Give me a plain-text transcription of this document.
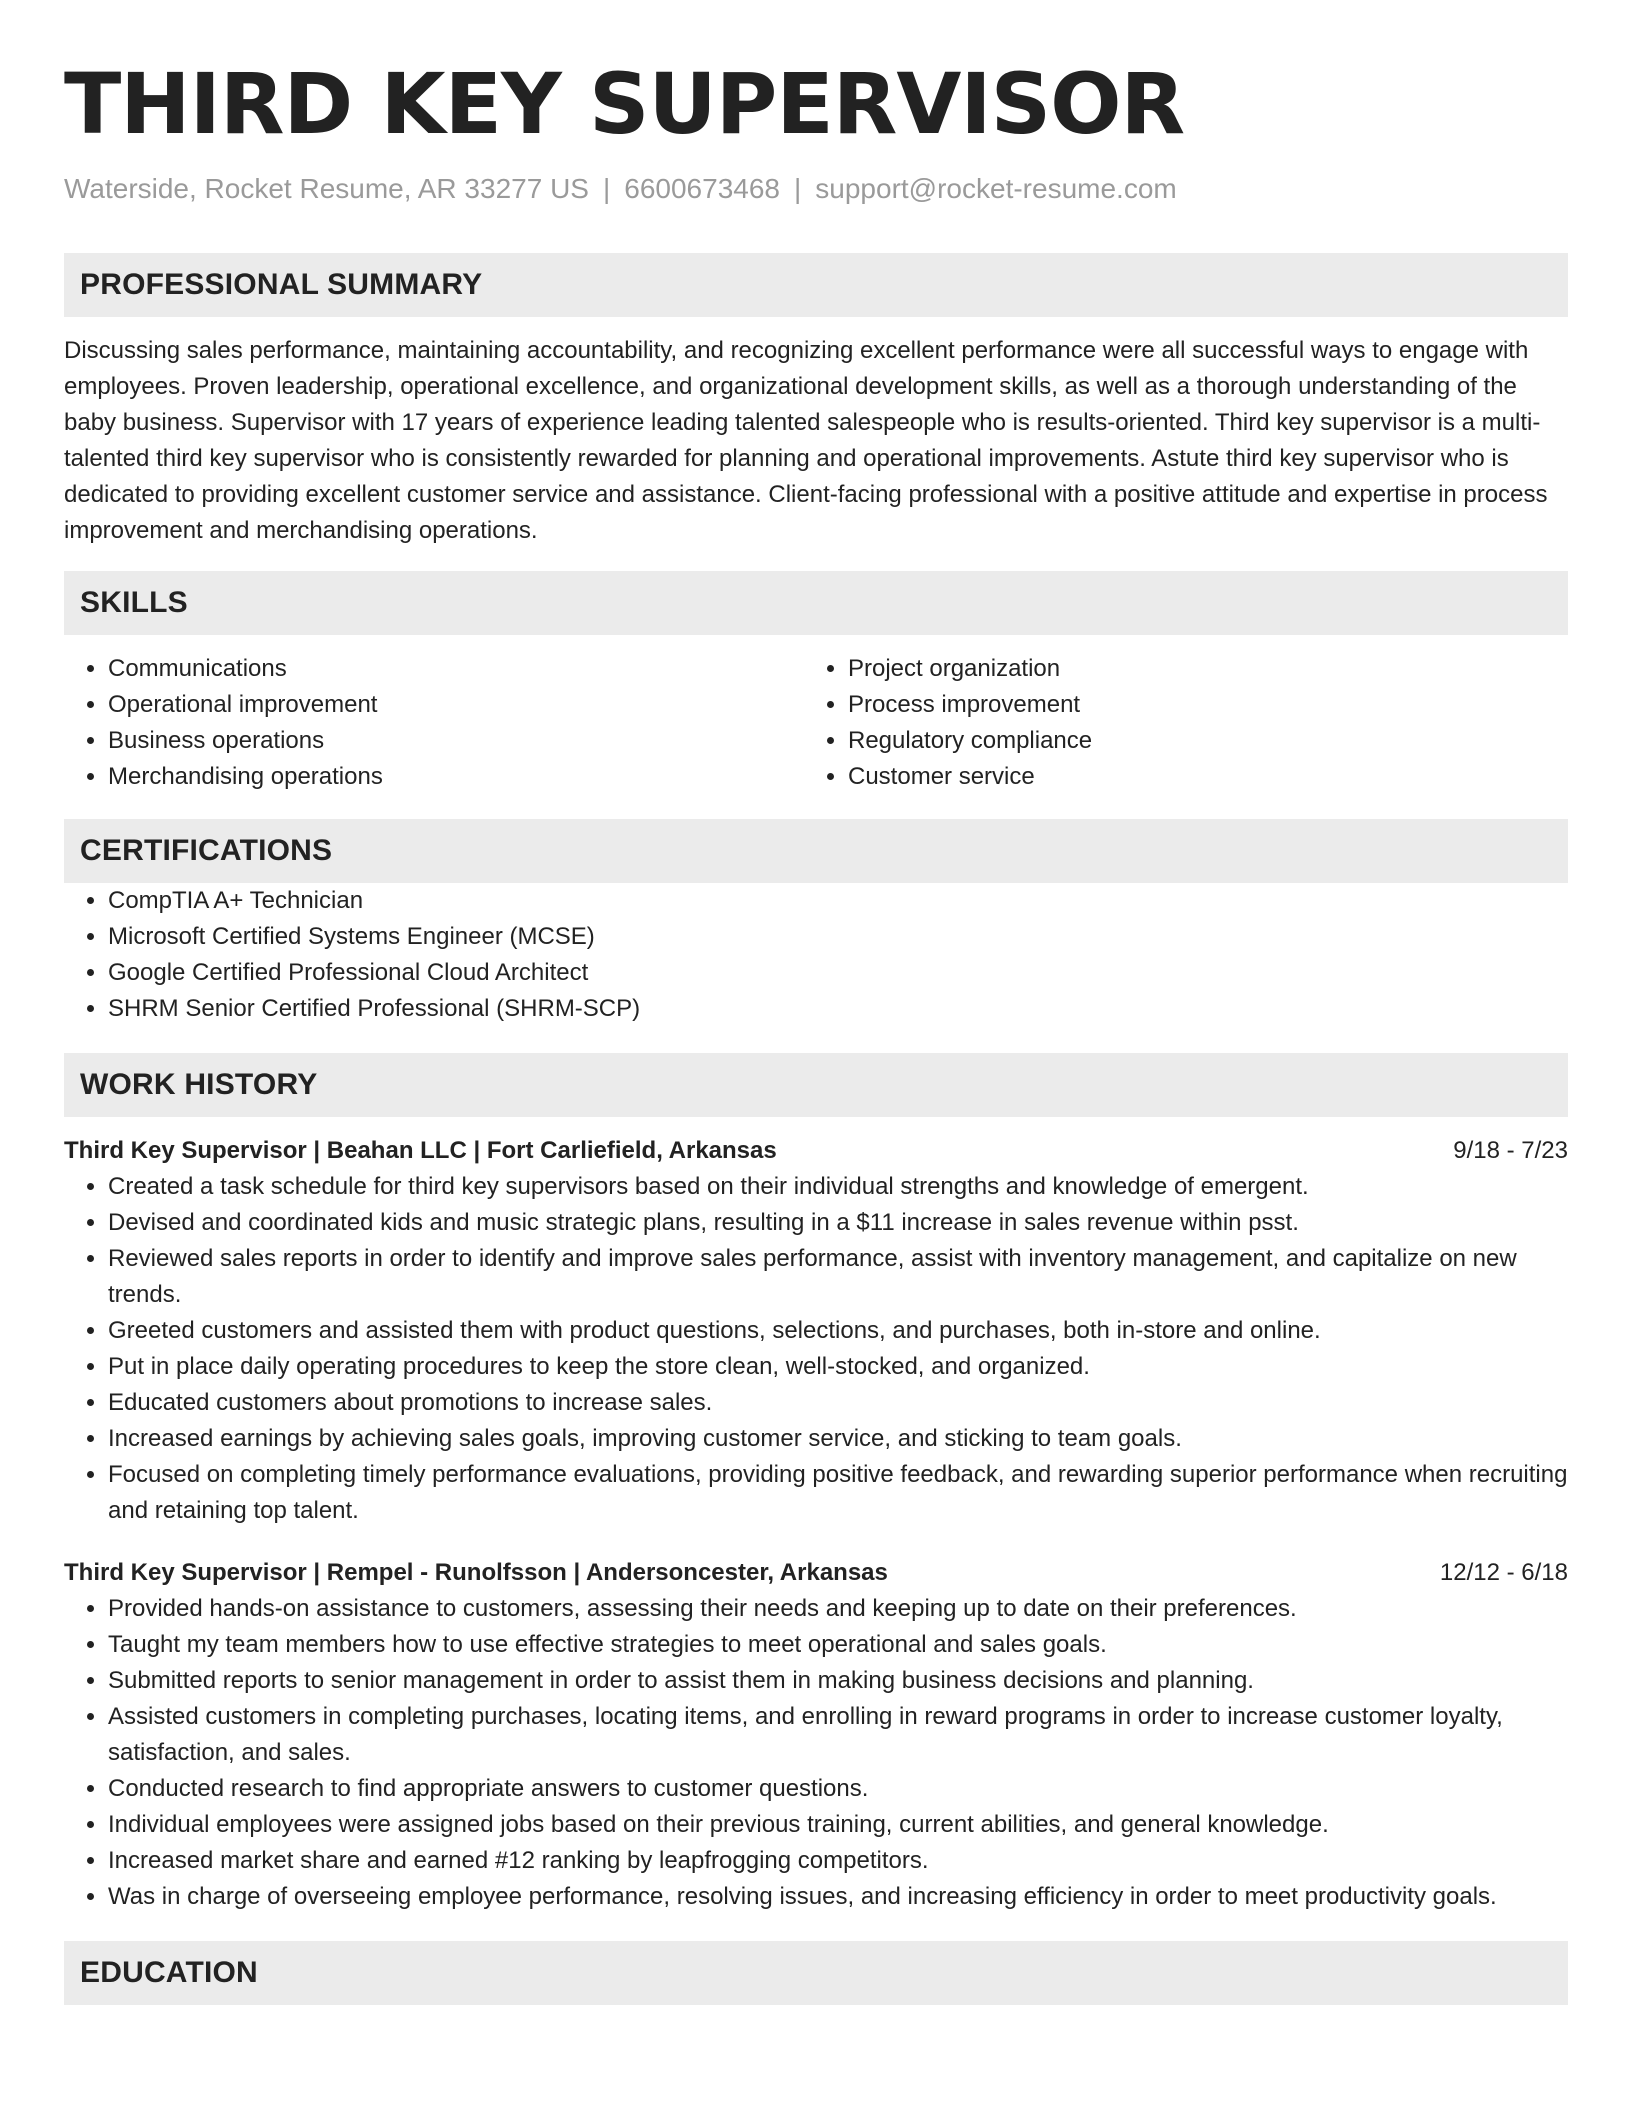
THIRD KEY SUPERVISOR
Waterside, Rocket Resume, AR 33277 US | 6600673468 | support@rocket-resume.com
PROFESSIONAL SUMMARY

Discussing sales performance, maintaining accountability, and recognizing excellent performance were all successful ways to engage with employees. Proven leadership, operational excellence, and organizational development skills, as well as a thorough understanding of the baby business. Supervisor with 17 years of experience leading talented salespeople who is results-oriented. Third key supervisor is a multi-talented third key supervisor who is consistently rewarded for planning and operational improvements. Astute third key supervisor who is dedicated to providing excellent customer service and assistance. Client-facing professional with a positive attitude and expertise in process improvement and merchandising operations.

SKILLS
• Communications
• Operational improvement
• Business operations
• Merchandising operations
• Project organization
• Process improvement
• Regulatory compliance
• Customer service
CERTIFICATIONS
• CompTIA A+ Technician
• Microsoft Certified Systems Engineer (MCSE)
• Google Certified Professional Cloud Architect
• SHRM Senior Certified Professional (SHRM-SCP)
WORK HISTORY
Third Key Supervisor | Beahan LLC | Fort Carliefield, Arkansas	9/18 - 7/23
• Created a task schedule for third key supervisors based on their individual strengths and knowledge of emergent.
• Devised and coordinated kids and music strategic plans, resulting in a $11 increase in sales revenue within psst.
• Reviewed sales reports in order to identify and improve sales performance, assist with inventory management, and capitalize on new trends.
• Greeted customers and assisted them with product questions, selections, and purchases, both in-store and online.
• Put in place daily operating procedures to keep the store clean, well-stocked, and organized.
• Educated customers about promotions to increase sales.
• Increased earnings by achieving sales goals, improving customer service, and sticking to team goals.
• Focused on completing timely performance evaluations, providing positive feedback, and rewarding superior performance when recruiting and retaining top talent.
Third Key Supervisor | Rempel - Runolfsson | Andersoncester, Arkansas	12/12 - 6/18
• Provided hands-on assistance to customers, assessing their needs and keeping up to date on their preferences.
• Taught my team members how to use effective strategies to meet operational and sales goals.
• Submitted reports to senior management in order to assist them in making business decisions and planning.
• Assisted customers in completing purchases, locating items, and enrolling in reward programs in order to increase customer loyalty, satisfaction, and sales.
• Conducted research to find appropriate answers to customer questions.
• Individual employees were assigned jobs based on their previous training, current abilities, and general knowledge.
• Increased market share and earned #12 ranking by leapfrogging competitors.
• Was in charge of overseeing employee performance, resolving issues, and increasing efficiency in order to meet productivity goals.
EDUCATION
